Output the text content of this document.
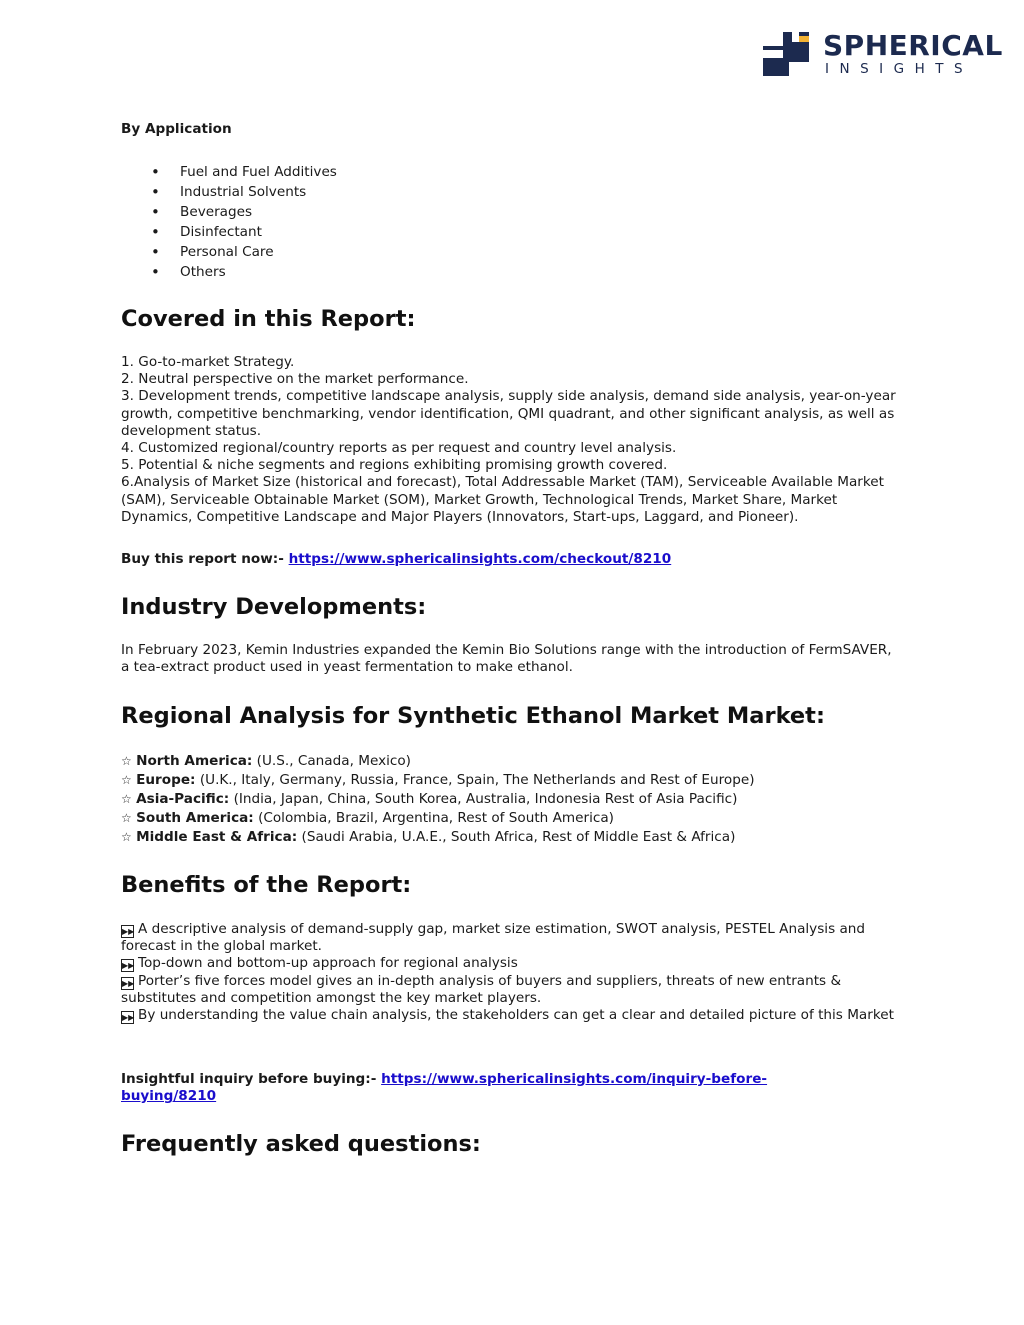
SPHERICAL
INSIGHTS
By Application
• Fuel and Fuel Additives
• Industrial Solvents
• Beverages
• Disinfectant
• Personal Care
• Others
Covered in this Report:

1. Go-to-market Strategy.

2. Neutral perspective on the market performance.

3. Development trends, competitive landscape analysis, supply side analysis, demand side analysis, year-on-year growth, competitive benchmarking, vendor identification, QMI quadrant, and other significant analysis, as well as development status.

4. Customized regional/country reports as per request and country level analysis.

5. Potential & niche segments and regions exhibiting promising growth covered.

6.Analysis of Market Size (historical and forecast), Total Addressable Market (TAM), Serviceable Available Market (SAM), Serviceable Obtainable Market (SOM), Market Growth, Technological Trends, Market Share, Market Dynamics, Competitive Landscape and Major Players (Innovators, Start-ups, Laggard, and Pioneer).

Buy this report now:- https://www.sphericalinsights.com/checkout/8210
Industry Developments:

In February 2023, Kemin Industries expanded the Kemin Bio Solutions range with the introduction of FermSAVER, a tea-extract product used in yeast fermentation to make ethanol.

Regional Analysis for Synthetic Ethanol Market Market:
☆ North America: (U.S., Canada, Mexico)
☆ Europe: (U.K., Italy, Germany, Russia, France, Spain, The Netherlands and Rest of Europe)
☆ Asia-Pacific: (India, Japan, China, South Korea, Australia, Indonesia Rest of Asia Pacific)
☆ South America: (Colombia, Brazil, Argentina, Rest of South America)
☆ Middle East & Africa: (Saudi Arabia, U.A.E., South Africa, Rest of Middle East & Africa)
Benefits of the Report:

▶▶ A descriptive analysis of demand-supply gap, market size estimation, SWOT analysis, PESTEL Analysis and forecast in the global market.

▶▶ Top-down and bottom-up approach for regional analysis

▶▶ Porter’s five forces model gives an in-depth analysis of buyers and suppliers, threats of new entrants & substitutes and competition amongst the key market players.

▶▶ By understanding the value chain analysis, the stakeholders can get a clear and detailed picture of this Market

Insightful inquiry before buying:- https://www.sphericalinsights.com/inquiry-before-buying/8210
Frequently asked questions:
